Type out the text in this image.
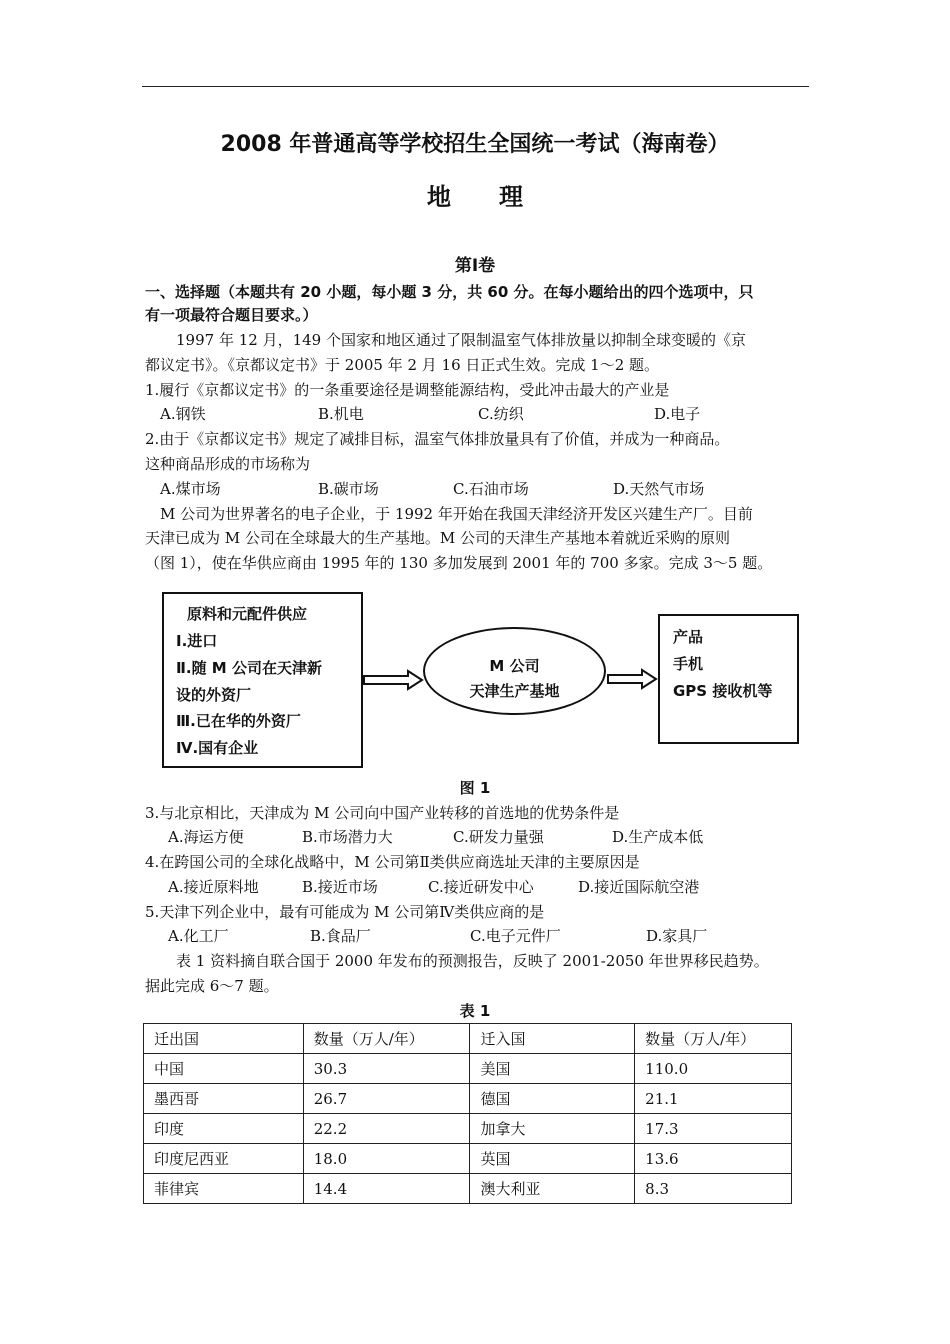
2008 年普通高等学校招生全国统一考试（海南卷）
地　　理
第Ⅰ卷
一、选择题（本题共有 20 小题，每小题 3 分，共 60 分。在每小题给出的四个选项中，只
有一项最符合题目要求。）
1997 年 12 月，149 个国家和地区通过了限制温室气体排放量以抑制全球变暖的《京
都议定书》。《京都议定书》于 2005 年 2 月 16 日正式生效。完成 1～2 题。
1.履行《京都议定书》的一条重要途径是调整能源结构，受此冲击最大的产业是
A.钢铁	B.机电	C.纺织	D.电子
2.由于《京都议定书》规定了减排目标，温室气体排放量具有了价值，并成为一种商品。
这种商品形成的市场称为
A.煤市场	B.碳市场	C.石油市场	D.天然气市场
M 公司为世界著名的电子企业，于 1992 年开始在我国天津经济开发区兴建生产厂。目前
天津已成为 M 公司在全球最大的生产基地。M 公司的天津生产基地本着就近采购的原则
（图 1），使在华供应商由 1995 年的 130 多加发展到 2001 年的 700 多家。完成 3～5 题。
原料和元配件供应
Ⅰ.进口
Ⅱ.随 M 公司在天津新
设的外资厂
Ⅲ.已在华的外资厂
Ⅳ.国有企业
M 公司
天津生产基地
产品
手机
GPS 接收机等
图 1
3.与北京相比，天津成为 M 公司向中国产业转移的首选地的优势条件是
A.海运方便	B.市场潜力大	C.研发力量强	D.生产成本低
4.在跨国公司的全球化战略中，M 公司第Ⅱ类供应商选址天津的主要原因是
A.接近原料地	B.接近市场	C.接近研发中心	D.接近国际航空港
5.天津下列企业中，最有可能成为 M 公司第Ⅳ类供应商的是
A.化工厂	B.食品厂	C.电子元件厂	D.家具厂
表 1 资料摘自联合国于 2000 年发布的预测报告，反映了 2001-2050 年世界移民趋势。
据此完成 6～7 题。
表 1
迁出国	数量（万人/年）	迁入国	数量（万人/年）
中国	30.3	美国	110.0
墨西哥	26.7	德国	21.1
印度	22.2	加拿大	17.3
印度尼西亚	18.0	英国	13.6
菲律宾	14.4	澳大利亚	8.3
